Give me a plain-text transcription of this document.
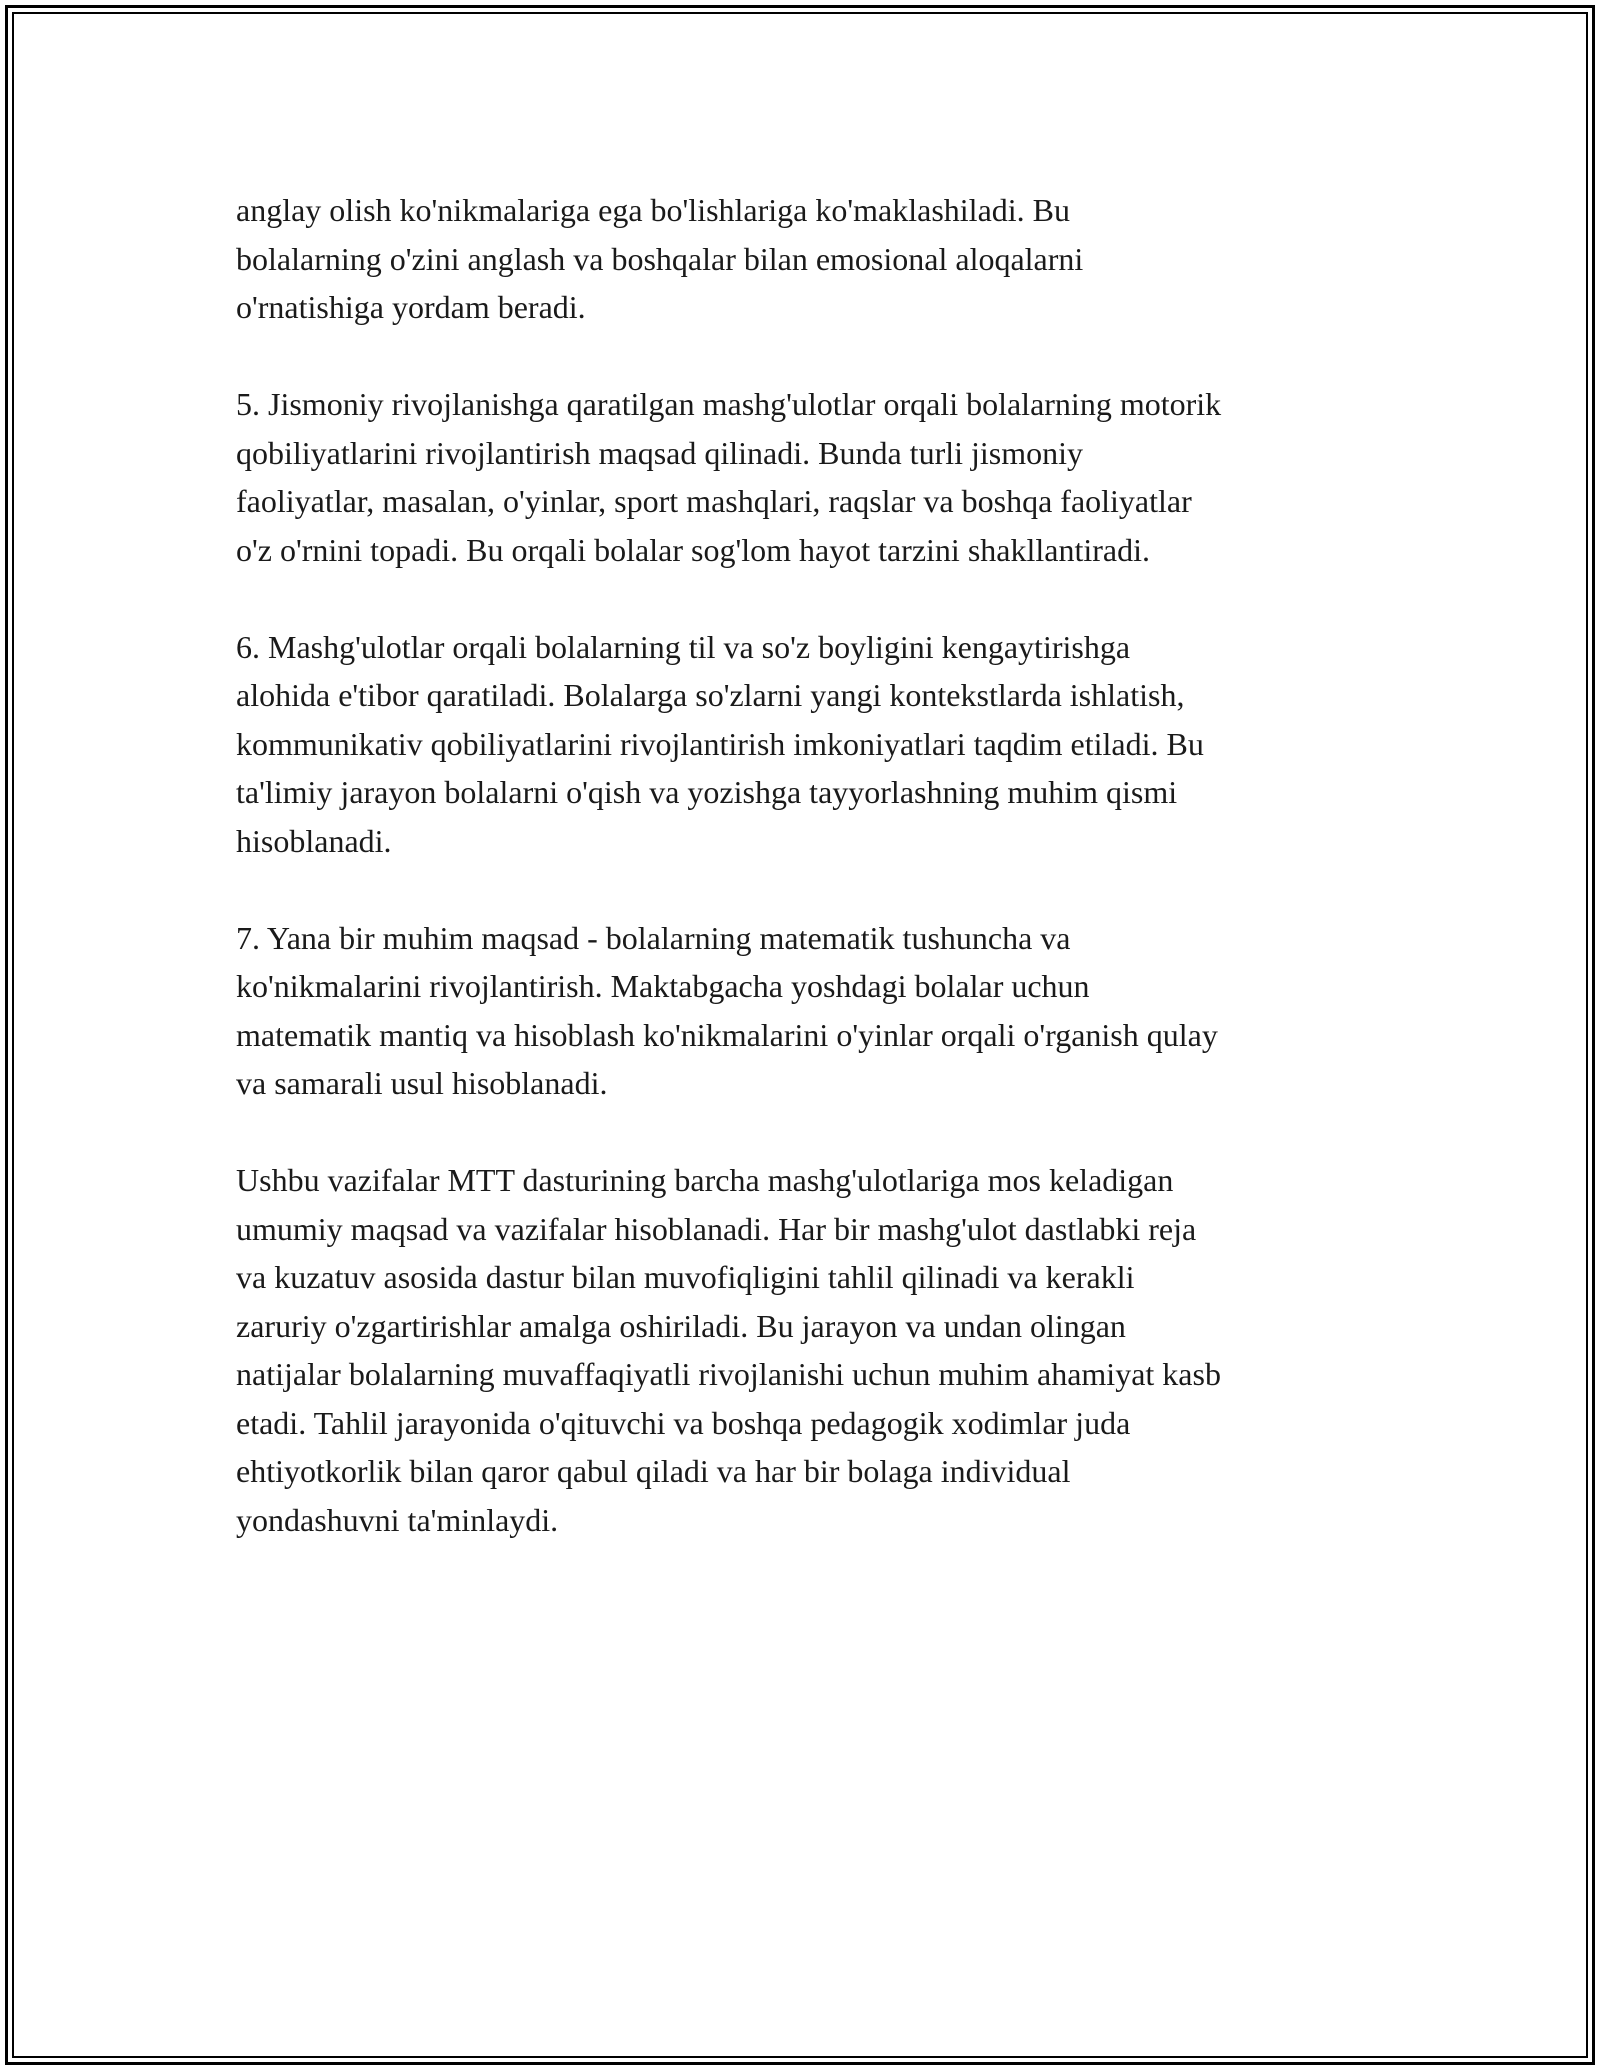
anglay olish ko'nikmalariga ega bo'lishlariga ko'maklashiladi. Bu
bolalarning o'zini anglash va boshqalar bilan emosional aloqalarni
o'rnatishiga yordam beradi.

5. Jismoniy rivojlanishga qaratilgan mashg'ulotlar orqali bolalarning motorik
qobiliyatlarini rivojlantirish maqsad qilinadi. Bunda turli jismoniy
faoliyatlar, masalan, o'yinlar, sport mashqlari, raqslar va boshqa faoliyatlar
o'z o'rnini topadi. Bu orqali bolalar sog'lom hayot tarzini shakllantiradi.

6. Mashg'ulotlar orqali bolalarning til va so'z boyligini kengaytirishga
alohida e'tibor qaratiladi. Bolalarga so'zlarni yangi kontekstlarda ishlatish,
kommunikativ qobiliyatlarini rivojlantirish imkoniyatlari taqdim etiladi. Bu
ta'limiy jarayon bolalarni o'qish va yozishga tayyorlashning muhim qismi
hisoblanadi.

7. Yana bir muhim maqsad - bolalarning matematik tushuncha va
ko'nikmalarini rivojlantirish. Maktabgacha yoshdagi bolalar uchun
matematik mantiq va hisoblash ko'nikmalarini o'yinlar orqali o'rganish qulay
va samarali usul hisoblanadi.

Ushbu vazifalar MTT dasturining barcha mashg'ulotlariga mos keladigan
umumiy maqsad va vazifalar hisoblanadi. Har bir mashg'ulot dastlabki reja
va kuzatuv asosida dastur bilan muvofiqligini tahlil qilinadi va kerakli
zaruriy o'zgartirishlar amalga oshiriladi. Bu jarayon va undan olingan
natijalar bolalarning muvaffaqiyatli rivojlanishi uchun muhim ahamiyat kasb
etadi. Tahlil jarayonida o'qituvchi va boshqa pedagogik xodimlar juda
ehtiyotkorlik bilan qaror qabul qiladi va har bir bolaga individual
yondashuvni ta'minlaydi.
